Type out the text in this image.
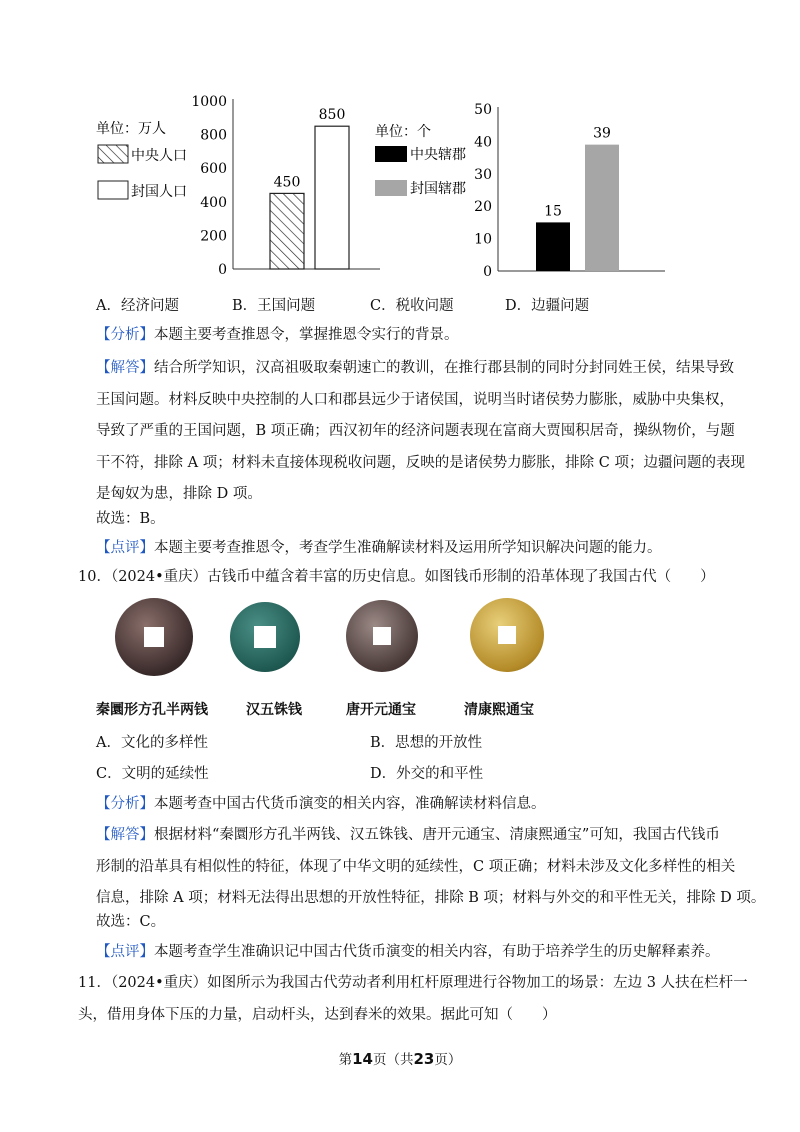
0
200
400
600
800
1000
450
850
单位：万人
中央人口
封国人口
0
10
20
30
40
50
15
39
单位：个
中央辖郡
封国辖郡
A．经济问题	B．王国问题	C．税收问题	D．边疆问题
【分析】本题主要考查推恩令，掌握推恩令实行的背景。
【解答】结合所学知识，汉高祖吸取秦朝速亡的教训，在推行郡县制的同时分封同姓王侯，结果导致
王国问题。材料反映中央控制的人口和郡县远少于诸侯国，说明当时诸侯势力膨胀，威胁中央集权，
导致了严重的王国问题，B 项正确；西汉初年的经济问题表现在富商大贾囤积居奇，操纵物价，与题
干不符，排除 A 项；材料未直接体现税收问题，反映的是诸侯势力膨胀，排除 C 项；边疆问题的表现
是匈奴为患，排除 D 项。
故选：B。
【点评】本题主要考查推恩令，考查学生准确解读材料及运用所学知识解决问题的能力。
10．（2024•重庆）古钱币中蕴含着丰富的历史信息。如图钱币形制的沿革体现了我国古代（　　）
秦圜形方孔半两钱	汉五铢钱	唐开元通宝	清康熙通宝
A．文化的多样性	B．思想的开放性
C．文明的延续性	D．外交的和平性
【分析】本题考查中国古代货币演变的相关内容，准确解读材料信息。
【解答】根据材料“秦圜形方孔半两钱、汉五铢钱、唐开元通宝、清康熙通宝”可知，我国古代钱币
形制的沿革具有相似性的特征，体现了中华文明的延续性，C 项正确；材料未涉及文化多样性的相关
信息，排除 A 项；材料无法得出思想的开放性特征，排除 B 项；材料与外交的和平性无关，排除 D 项。
故选：C。
【点评】本题考查学生准确识记中国古代货币演变的相关内容，有助于培养学生的历史解释素养。
11．（2024•重庆）如图所示为我国古代劳动者利用杠杆原理进行谷物加工的场景：左边 3 人扶在栏杆一
头，借用身体下压的力量，启动杆头，达到舂米的效果。据此可知（　　）
第14页（共23页）
